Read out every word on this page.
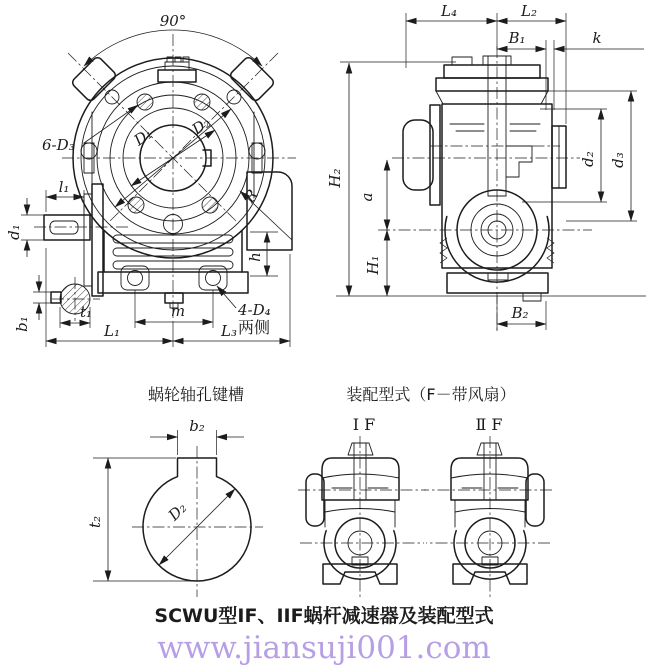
90°
6-D₃	D₁ D₂
R
l₁
d₁
b₁
t₁	m
L₁	L₃
h
4-D₄
两侧
L₄	L₂
B₁	k
H₂
a
H₁
d₂ d₃
B₂
蜗轮轴孔键槽
b₂
t₂	D₂
装配型式（F－带风扇）
Ⅰ F	Ⅱ F
SCWU型IF、IIF蜗杆减速器及装配型式
www.jiansuji001.com
